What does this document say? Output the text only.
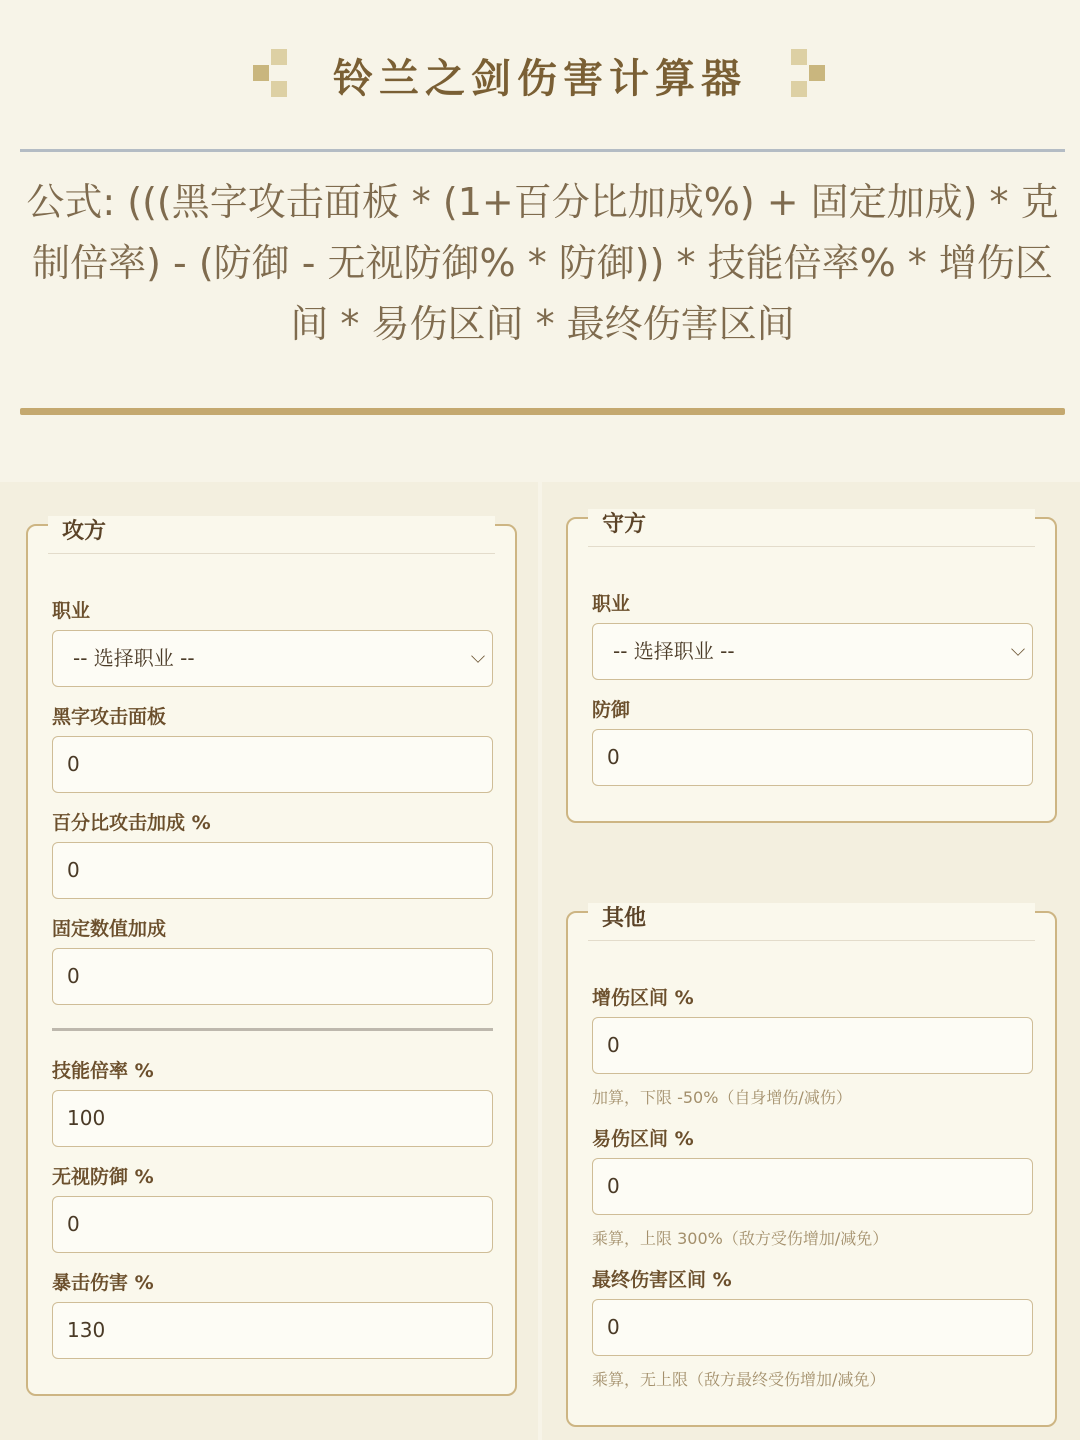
铃兰之剑伤害计算器
公式: (((黑字攻击面板 * (1+百分比加成%) + 固定加成) * 克制倍率) - (防御 - 无视防御% * 防御)) * 技能倍率% * 增伤区间 * 易伤区间 * 最终伤害区间
攻方
职业
-- 选择职业 --
黑字攻击面板
0
百分比攻击加成 %
0
固定数值加成
0
技能倍率 %
100
无视防御 %
0
暴击伤害 %
130
守方
职业
-- 选择职业 --
防御
0
其他
增伤区间 %
0
加算，下限 -50%（自身增伤/减伤）
易伤区间 %
0
乘算，上限 300%（敌方受伤增加/减免）
最终伤害区间 %
0
乘算，无上限（敌方最终受伤增加/减免）
